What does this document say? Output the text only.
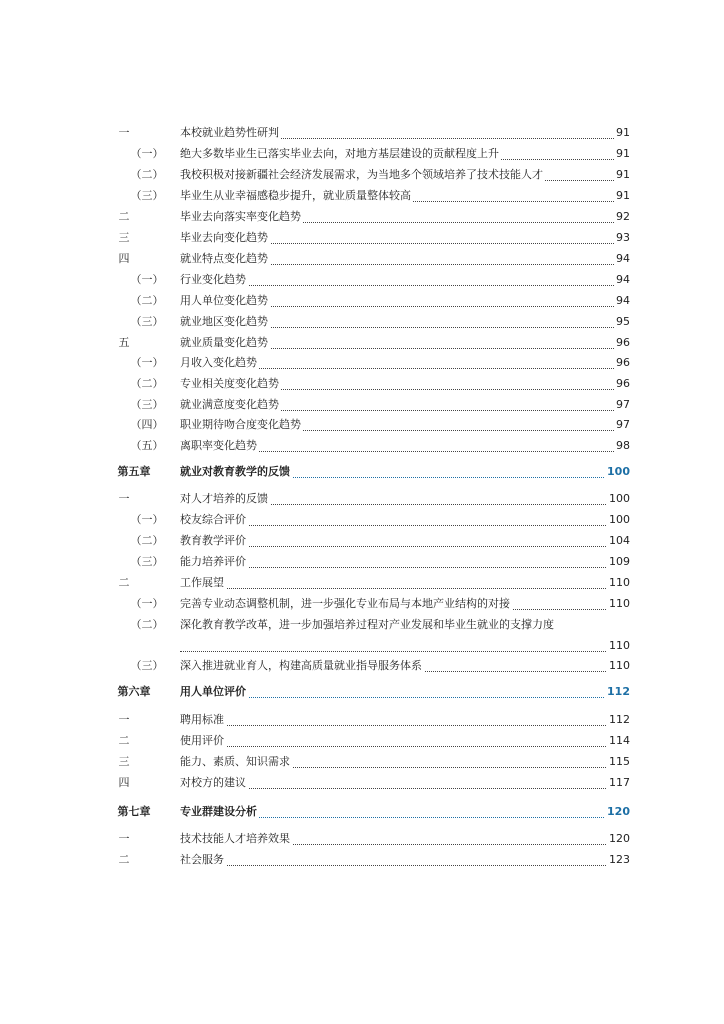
一	本校就业趋势性研判	91
（一） 绝大多数毕业生已落实毕业去向，对地方基层建设的贡献程度上升	91
（二） 我校积极对接新疆社会经济发展需求，为当地多个领域培养了技术技能人才	91
（三） 毕业生从业幸福感稳步提升，就业质量整体较高	91
二	毕业去向落实率变化趋势	92
三	毕业去向变化趋势	93
四	就业特点变化趋势	94
（一） 行业变化趋势	94
（二） 用人单位变化趋势	94
（三） 就业地区变化趋势	95
五	就业质量变化趋势	96
（一） 月收入变化趋势	96
（二） 专业相关度变化趋势	96
（三） 就业满意度变化趋势	97
（四） 职业期待吻合度变化趋势	97
（五） 离职率变化趋势	98
第五章	就业对教育教学的反馈	100
一	对人才培养的反馈	100
（一） 校友综合评价	100
（二） 教育教学评价	104
（三） 能力培养评价	109
二	工作展望	110
（一） 完善专业动态调整机制，进一步强化专业布局与本地产业结构的对接	110
（二） 深化教育教学改革，进一步加强培养过程对产业发展和毕业生就业的支撑力度
110
（三） 深入推进就业育人，构建高质量就业指导服务体系	110
第六章	用人单位评价	112
一	聘用标准	112
二	使用评价	114
三	能力、素质、知识需求	115
四	对校方的建议	117
第七章	专业群建设分析	120
一	技术技能人才培养效果	120
二	社会服务	123
